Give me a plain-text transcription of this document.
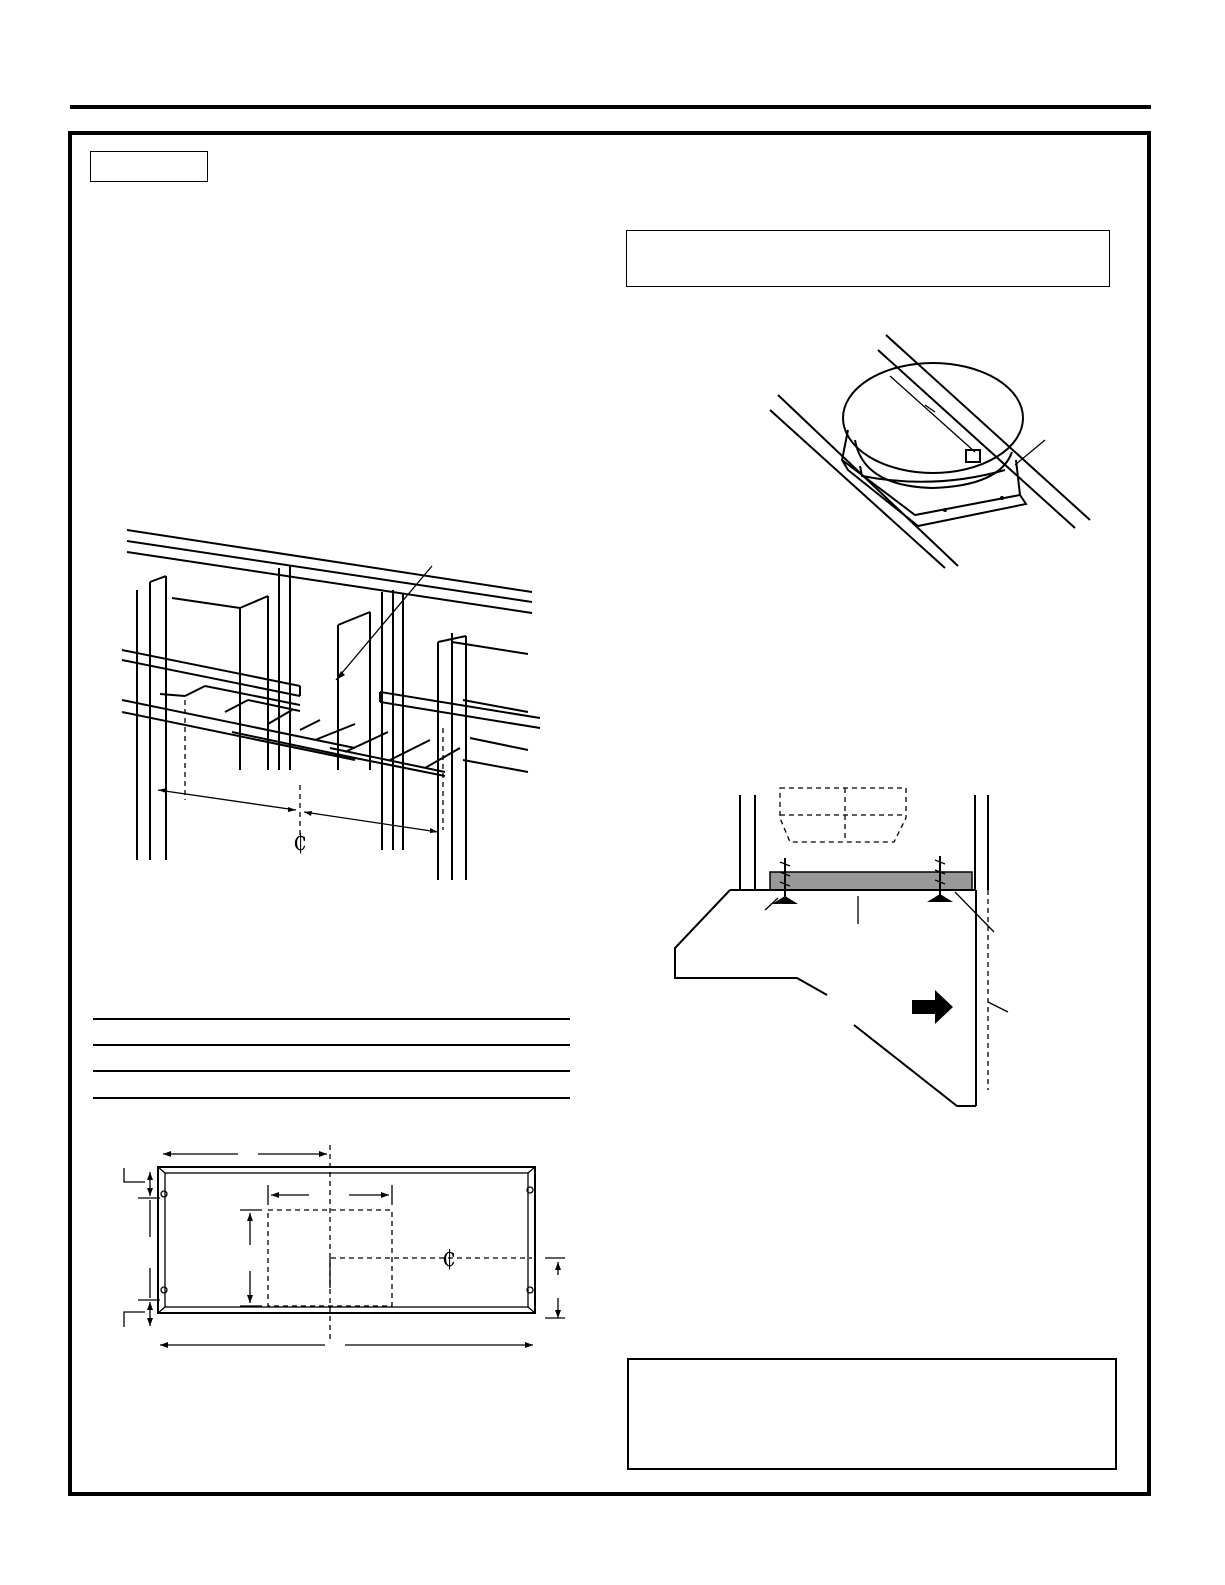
₵
₵
